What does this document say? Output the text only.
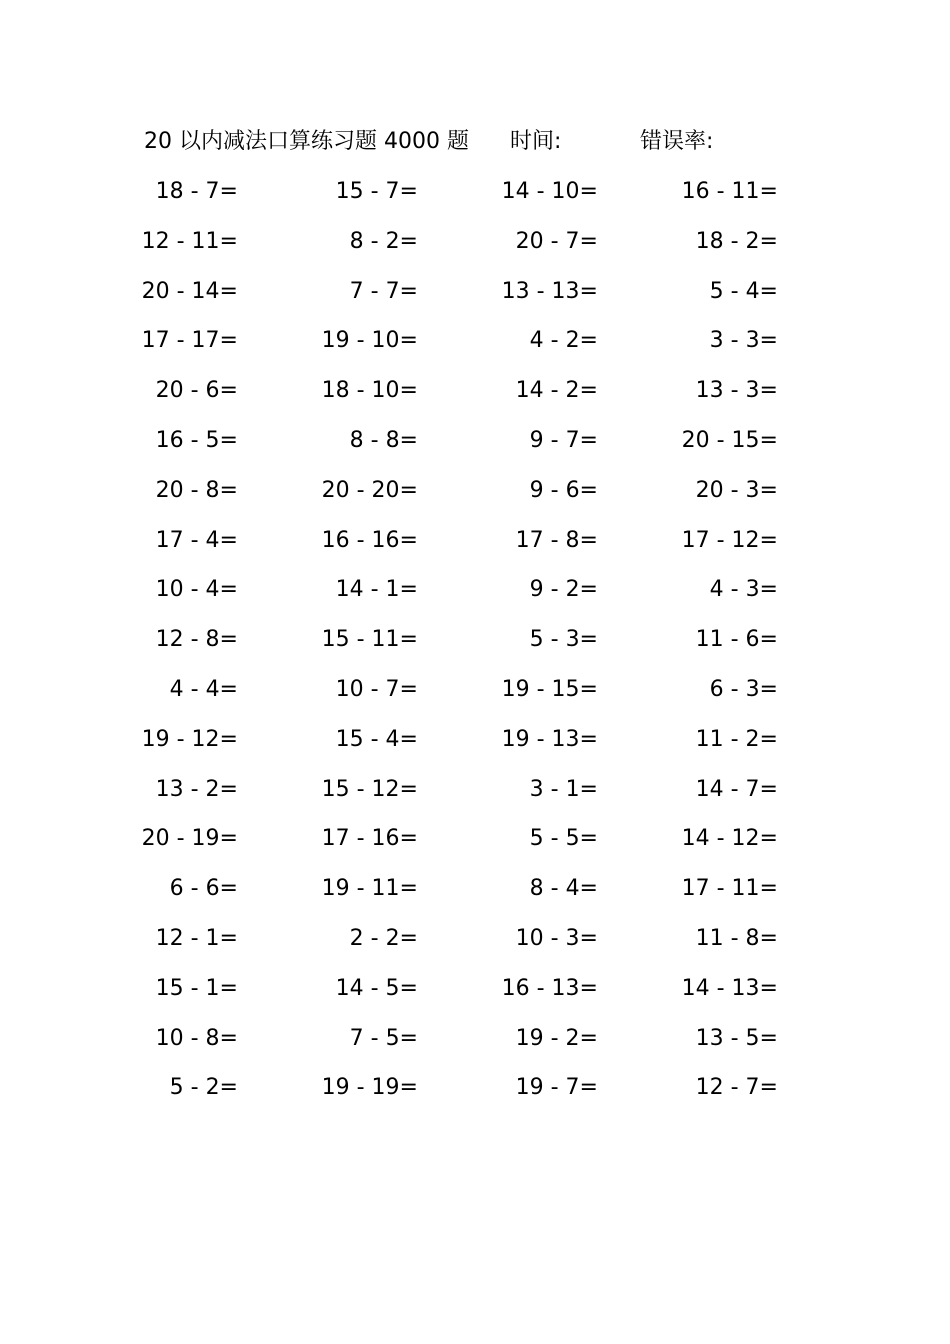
20 以内减法口算练习题 4000 题 时间:	错误率:
18 - 7=	15 - 7=	14 - 10=	16 - 11=
12 - 11=	8 - 2=	20 - 7=	18 - 2=
20 - 14=	7 - 7=	13 - 13=	5 - 4=
17 - 17=	19 - 10=	4 - 2=	3 - 3=
20 - 6=	18 - 10=	14 - 2=	13 - 3=
16 - 5=	8 - 8=	9 - 7=	20 - 15=
20 - 8=	20 - 20=	9 - 6=	20 - 3=
17 - 4=	16 - 16=	17 - 8=	17 - 12=
10 - 4=	14 - 1=	9 - 2=	4 - 3=
12 - 8=	15 - 11=	5 - 3=	11 - 6=
4 - 4=	10 - 7=	19 - 15=	6 - 3=
19 - 12=	15 - 4=	19 - 13=	11 - 2=
13 - 2=	15 - 12=	3 - 1=	14 - 7=
20 - 19=	17 - 16=	5 - 5=	14 - 12=
6 - 6=	19 - 11=	8 - 4=	17 - 11=
12 - 1=	2 - 2=	10 - 3=	11 - 8=
15 - 1=	14 - 5=	16 - 13=	14 - 13=
10 - 8=	7 - 5=	19 - 2=	13 - 5=
5 - 2=	19 - 19=	19 - 7=	12 - 7=
